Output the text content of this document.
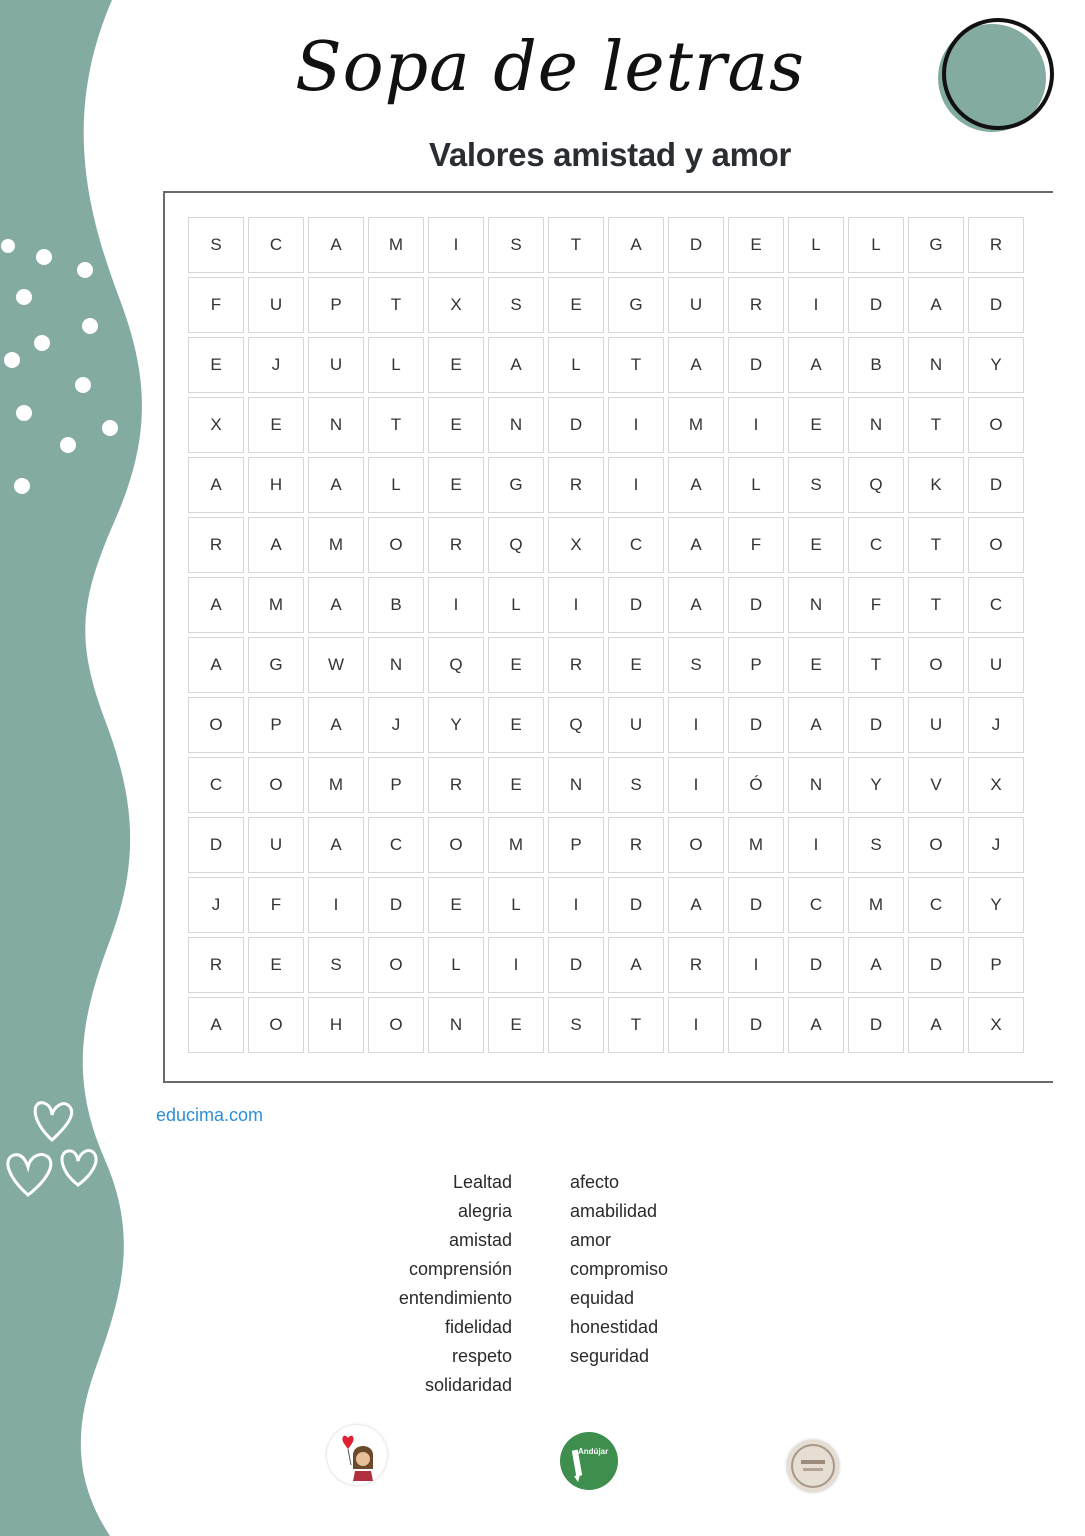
Sopa de letras
Valores amistad y amor
S	C	A	M	I	S	T	A	D	E	L	L	G	R
F	U	P	T	X	S	E	G	U	R	I	D	A	D
E	J	U	L	E	A	L	T	A	D	A	B	N	Y
X	E	N	T	E	N	D	I	M	I	E	N	T	O
A	H	A	L	E	G	R	I	A	L	S	Q	K	D
R	A	M	O	R	Q	X	C	A	F	E	C	T	O
A	M	A	B	I	L	I	D	A	D	N	F	T	C
A	G	W	N	Q	E	R	E	S	P	E	T	O	U
O	P	A	J	Y	E	Q	U	I	D	A	D	U	J
C	O	M	P	R	E	N	S	I	Ó	N	Y	V	X
D	U	A	C	O	M	P	R	O	M	I	S	O	J
J	F	I	D	E	L	I	D	A	D	C	M	C	Y
R	E	S	O	L	I	D	A	R	I	D	A	D	P
A	O	H	O	N	E	S	T	I	D	A	D	A	X
educima.com
Lealtad
alegria
amistad
comprensión
entendimiento
fidelidad
respeto
solidaridad
afecto
amabilidad
amor
compromiso
equidad
honestidad
seguridad
Andújar
